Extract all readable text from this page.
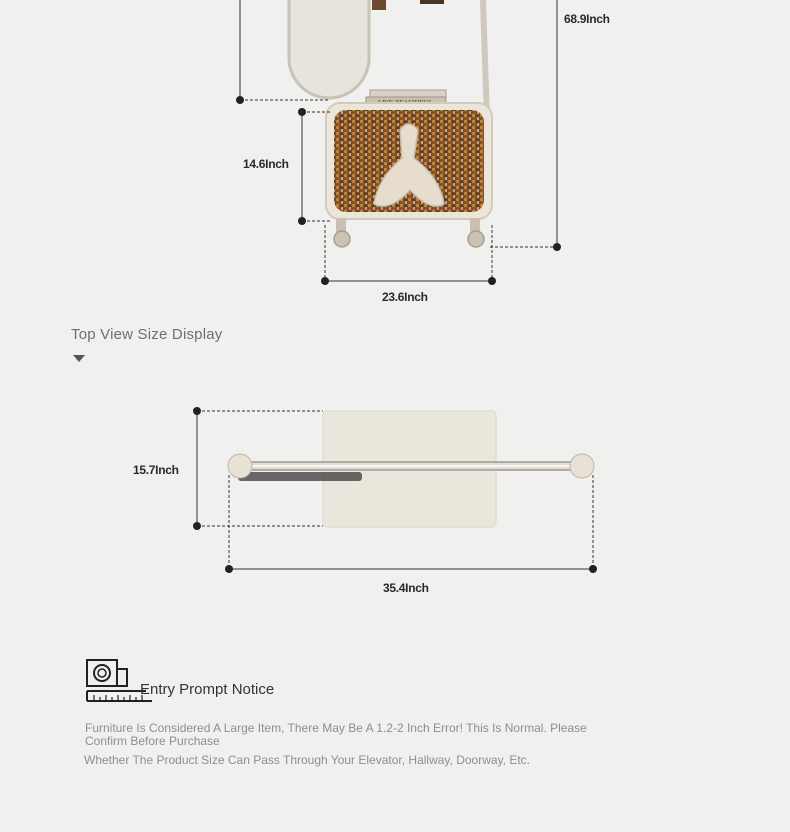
68.9Inch
14.6Inch
23.6Inch
Top View Size Display
15.7Inch
35.4Inch
Entry Prompt Notice
Furniture Is Considered A Large Item, There May Be A 1.2-2 Inch Error! This Is Normal. Please Confirm Before Purchase
Whether The Product Size Can Pass Through Your Elevator, Hallway, Doorway, Etc.
